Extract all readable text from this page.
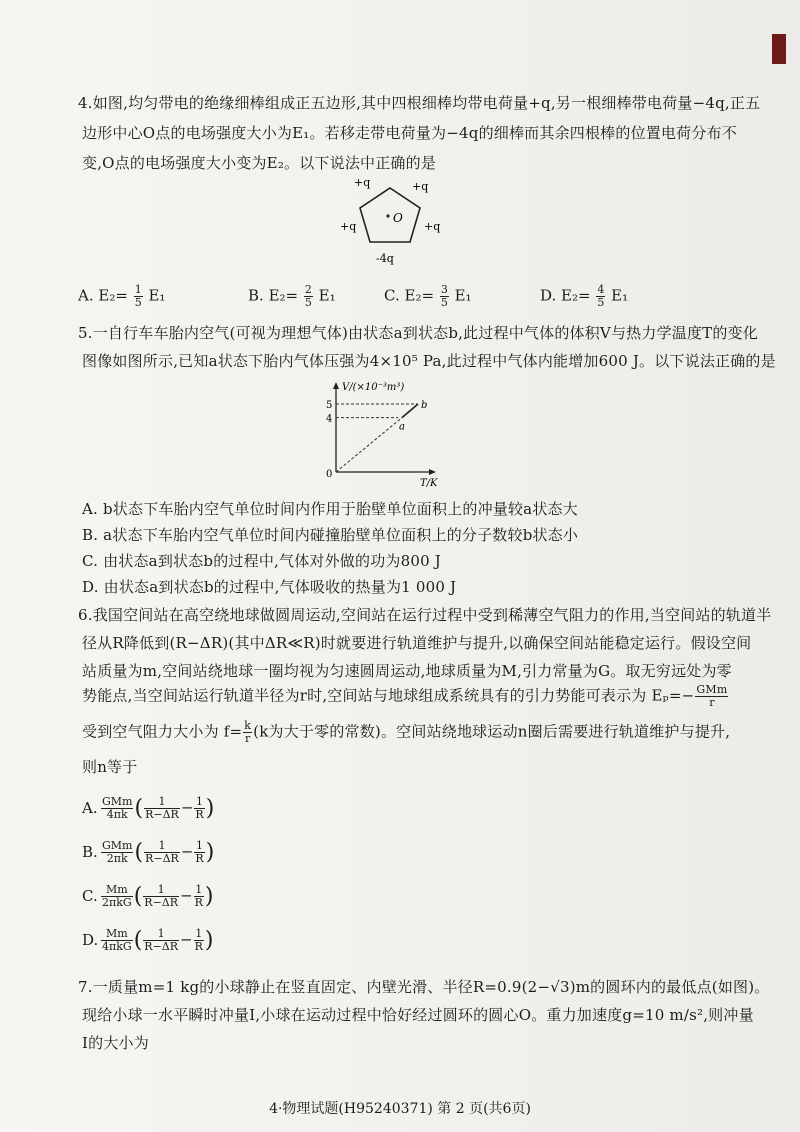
4.如图,均匀带电的绝缘细棒组成正五边形,其中四根细棒均带电荷量+q,另一根细棒带电荷量−4q,正五
边形中心O点的电场强度大小为E₁。若移走带电荷量为−4q的细棒而其余四根棒的位置电荷分布不
变,O点的电场强度大小变为E₂。以下说法中正确的是
O
+q	+q
+q	+q
-4q
A. $E_2= \frac{1}{5} E_1$	B. $E_2= \frac{2}{5} E_1$	C. $E_2= \frac{3}{5} E_1$	D. $E_2= \frac{4}{5} E_1$
5.一自行车车胎内空气(可视为理想气体)由状态a到状态b,此过程中气体的体积V与热力学温度T的变化
图像如图所示,已知a状态下胎内气体压强为4×10⁵ Pa,此过程中气体内能增加600 J。以下说法正确的是
V/(×10⁻³m³)
T/K
0
5
4
a
b
A. b状态下车胎内空气单位时间内作用于胎壁单位面积上的冲量较a状态大
B. a状态下车胎内空气单位时间内碰撞胎壁单位面积上的分子数较b状态小
C. 由状态a到状态b的过程中,气体对外做的功为800 J
D. 由状态a到状态b的过程中,气体吸收的热量为1 000 J
6.我国空间站在高空绕地球做圆周运动,空间站在运行过程中受到稀薄空气阻力的作用,当空间站的轨道半
径从R降低到(R−ΔR)(其中ΔR≪R)时就要进行轨道维护与提升,以确保空间站能稳定运行。假设空间
站质量为m,空间站绕地球一圈均视为匀速圆周运动,地球质量为M,引力常量为G。取无穷远处为零
势能点,当空间站运行轨道半径为r时,空间站与地球组成系统具有的引力势能可表示为 $E_p=- \frac{\text{GMm}}{r}$
受到空气阻力大小为 $f= \frac{k}{r} (k$为大于零的常数)。空间站绕地球运动n圈后需要进行轨道维护与提升,
则n等于
A. $\frac{\text{GMm}}{4\pi k}$ ( $\frac{1}{R-\Delta R} - \frac{1}{R}$ )
B. $\frac{\text{GMm}}{2\pi k}$ ( $\frac{1}{R-\Delta R} - \frac{1}{R}$ )
C. $\frac{Mm}{\text{2πkG}}$ ( $\frac{1}{R-\Delta R} - \frac{1}{R}$ )
D. $\frac{Mm}{\text{4πkG}}$ ( $\frac{1}{R-\Delta R} - \frac{1}{R}$ )
7.一质量m=1 kg的小球静止在竖直固定、内壁光滑、半径R=0.9(2−√3)m的圆环内的最低点(如图)。
现给小球一水平瞬时冲量I,小球在运动过程中恰好经过圆环的圆心O。重力加速度g=10 m/s²,则冲量
I的大小为
4·物理试题(H95240371) 第 2 页(共6页)
